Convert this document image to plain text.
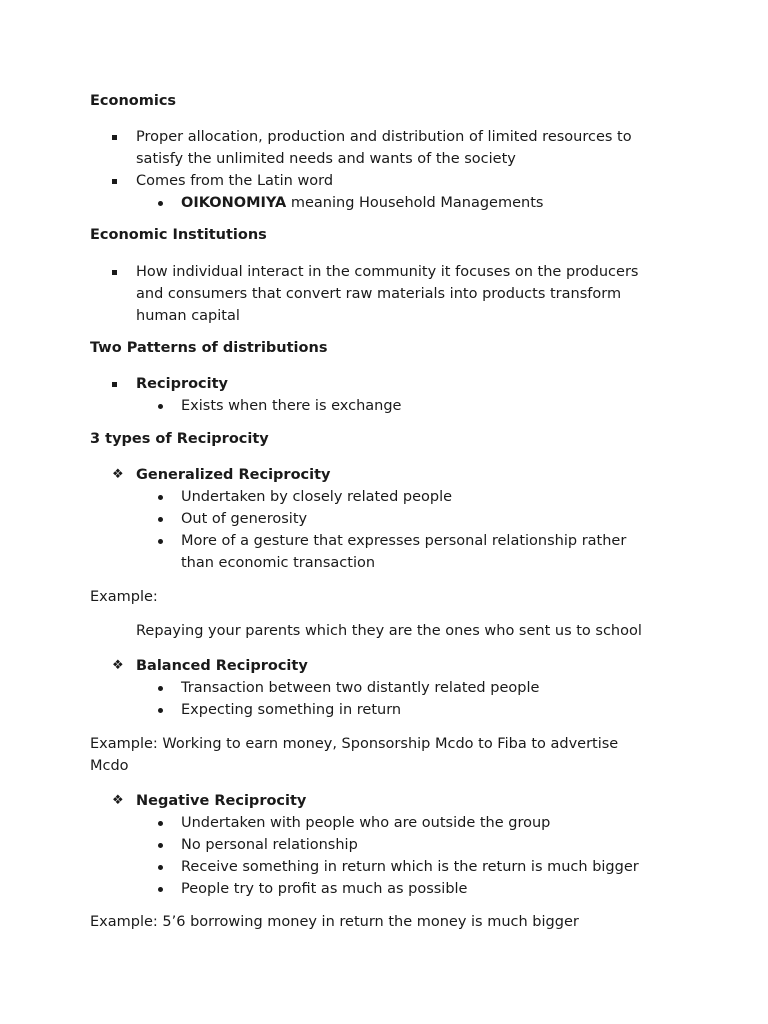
Economics
Proper allocation, production and distribution of limited resources to satisfy the unlimited needs and wants of the society
Comes from the Latin word
OIKONOMIYA meaning Household Managements
Economic Institutions
How individual interact in the community it focuses on the producers and consumers that convert raw materials into products transform human capital
Two Patterns of distributions
Reciprocity
Exists when there is exchange
3 types of Reciprocity
❖ Generalized Reciprocity
Undertaken by closely related people
Out of generosity
More of a gesture that expresses personal relationship rather than economic transaction
Example:
Repaying your parents which they are the ones who sent us to school
❖ Balanced Reciprocity
Transaction between two distantly related people
Expecting something in return
Example: Working to earn money, Sponsorship Mcdo to Fiba to advertise
Mcdo
❖ Negative Reciprocity
Undertaken with people who are outside the group
No personal relationship
Receive something in return which is the return is much bigger
People try to profit as much as possible
Example: 5’6 borrowing money in return the money is much bigger
